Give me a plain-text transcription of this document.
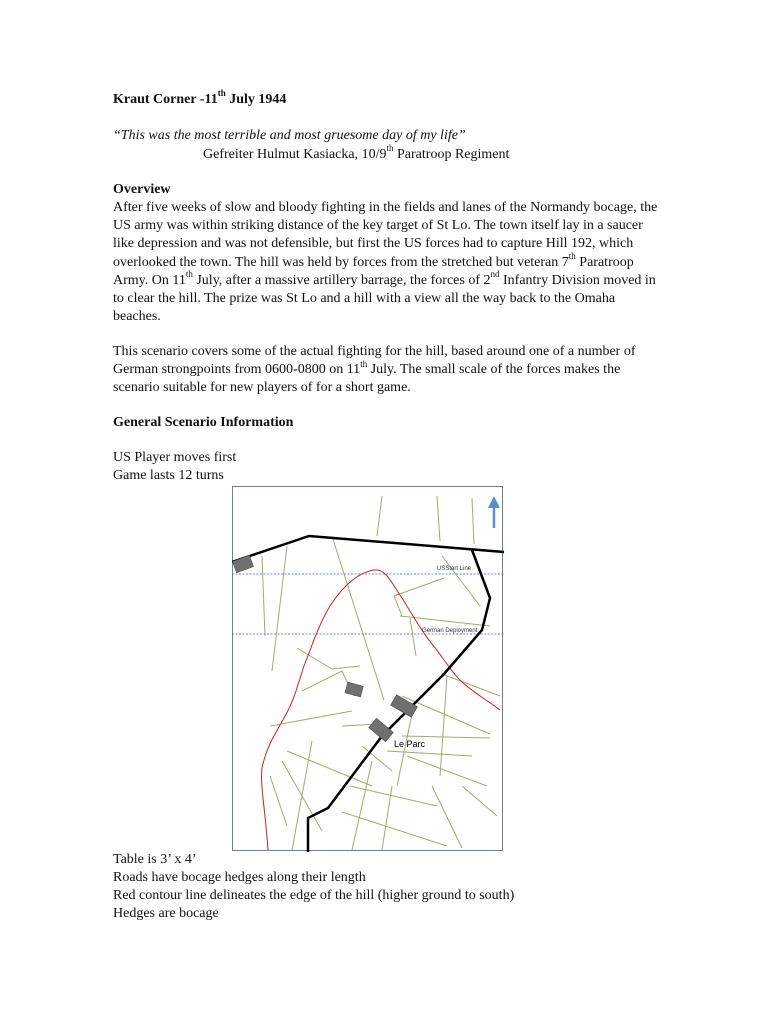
Kraut Corner -11th July 1944
“This was the most terrible and most gruesome day of my life”
Gefreiter Hulmut Kasiacka, 10/9th Paratroop Regiment
Overview
After five weeks of slow and bloody fighting in the fields and lanes of the Normandy bocage, the US army was within striking distance of the key target of St Lo. The town itself lay in a saucer like depression and was not defensible, but first the US forces had to capture Hill 192, which overlooked the town. The hill was held by forces from the stretched but veteran 7th Paratroop Army. On 11th July, after a massive artillery barrage, the forces of 2nd Infantry Division moved in to clear the hill. The prize was St Lo and a hill with a view all the way back to the Omaha beaches.
This scenario covers some of the actual fighting for the hill, based around one of a number of German strongpoints from 0600-0800 on 11th July. The small scale of the forces makes the scenario suitable for new players of for a short game.
General Scenario Information
US Player moves first
Game lasts 12 turns
Table is 3’ x 4’
Roads have bocage hedges along their length
Red contour line delineates the edge of the hill (higher ground to south)
Hedges are bocage
USStart Line
German Deployment
Le Parc
